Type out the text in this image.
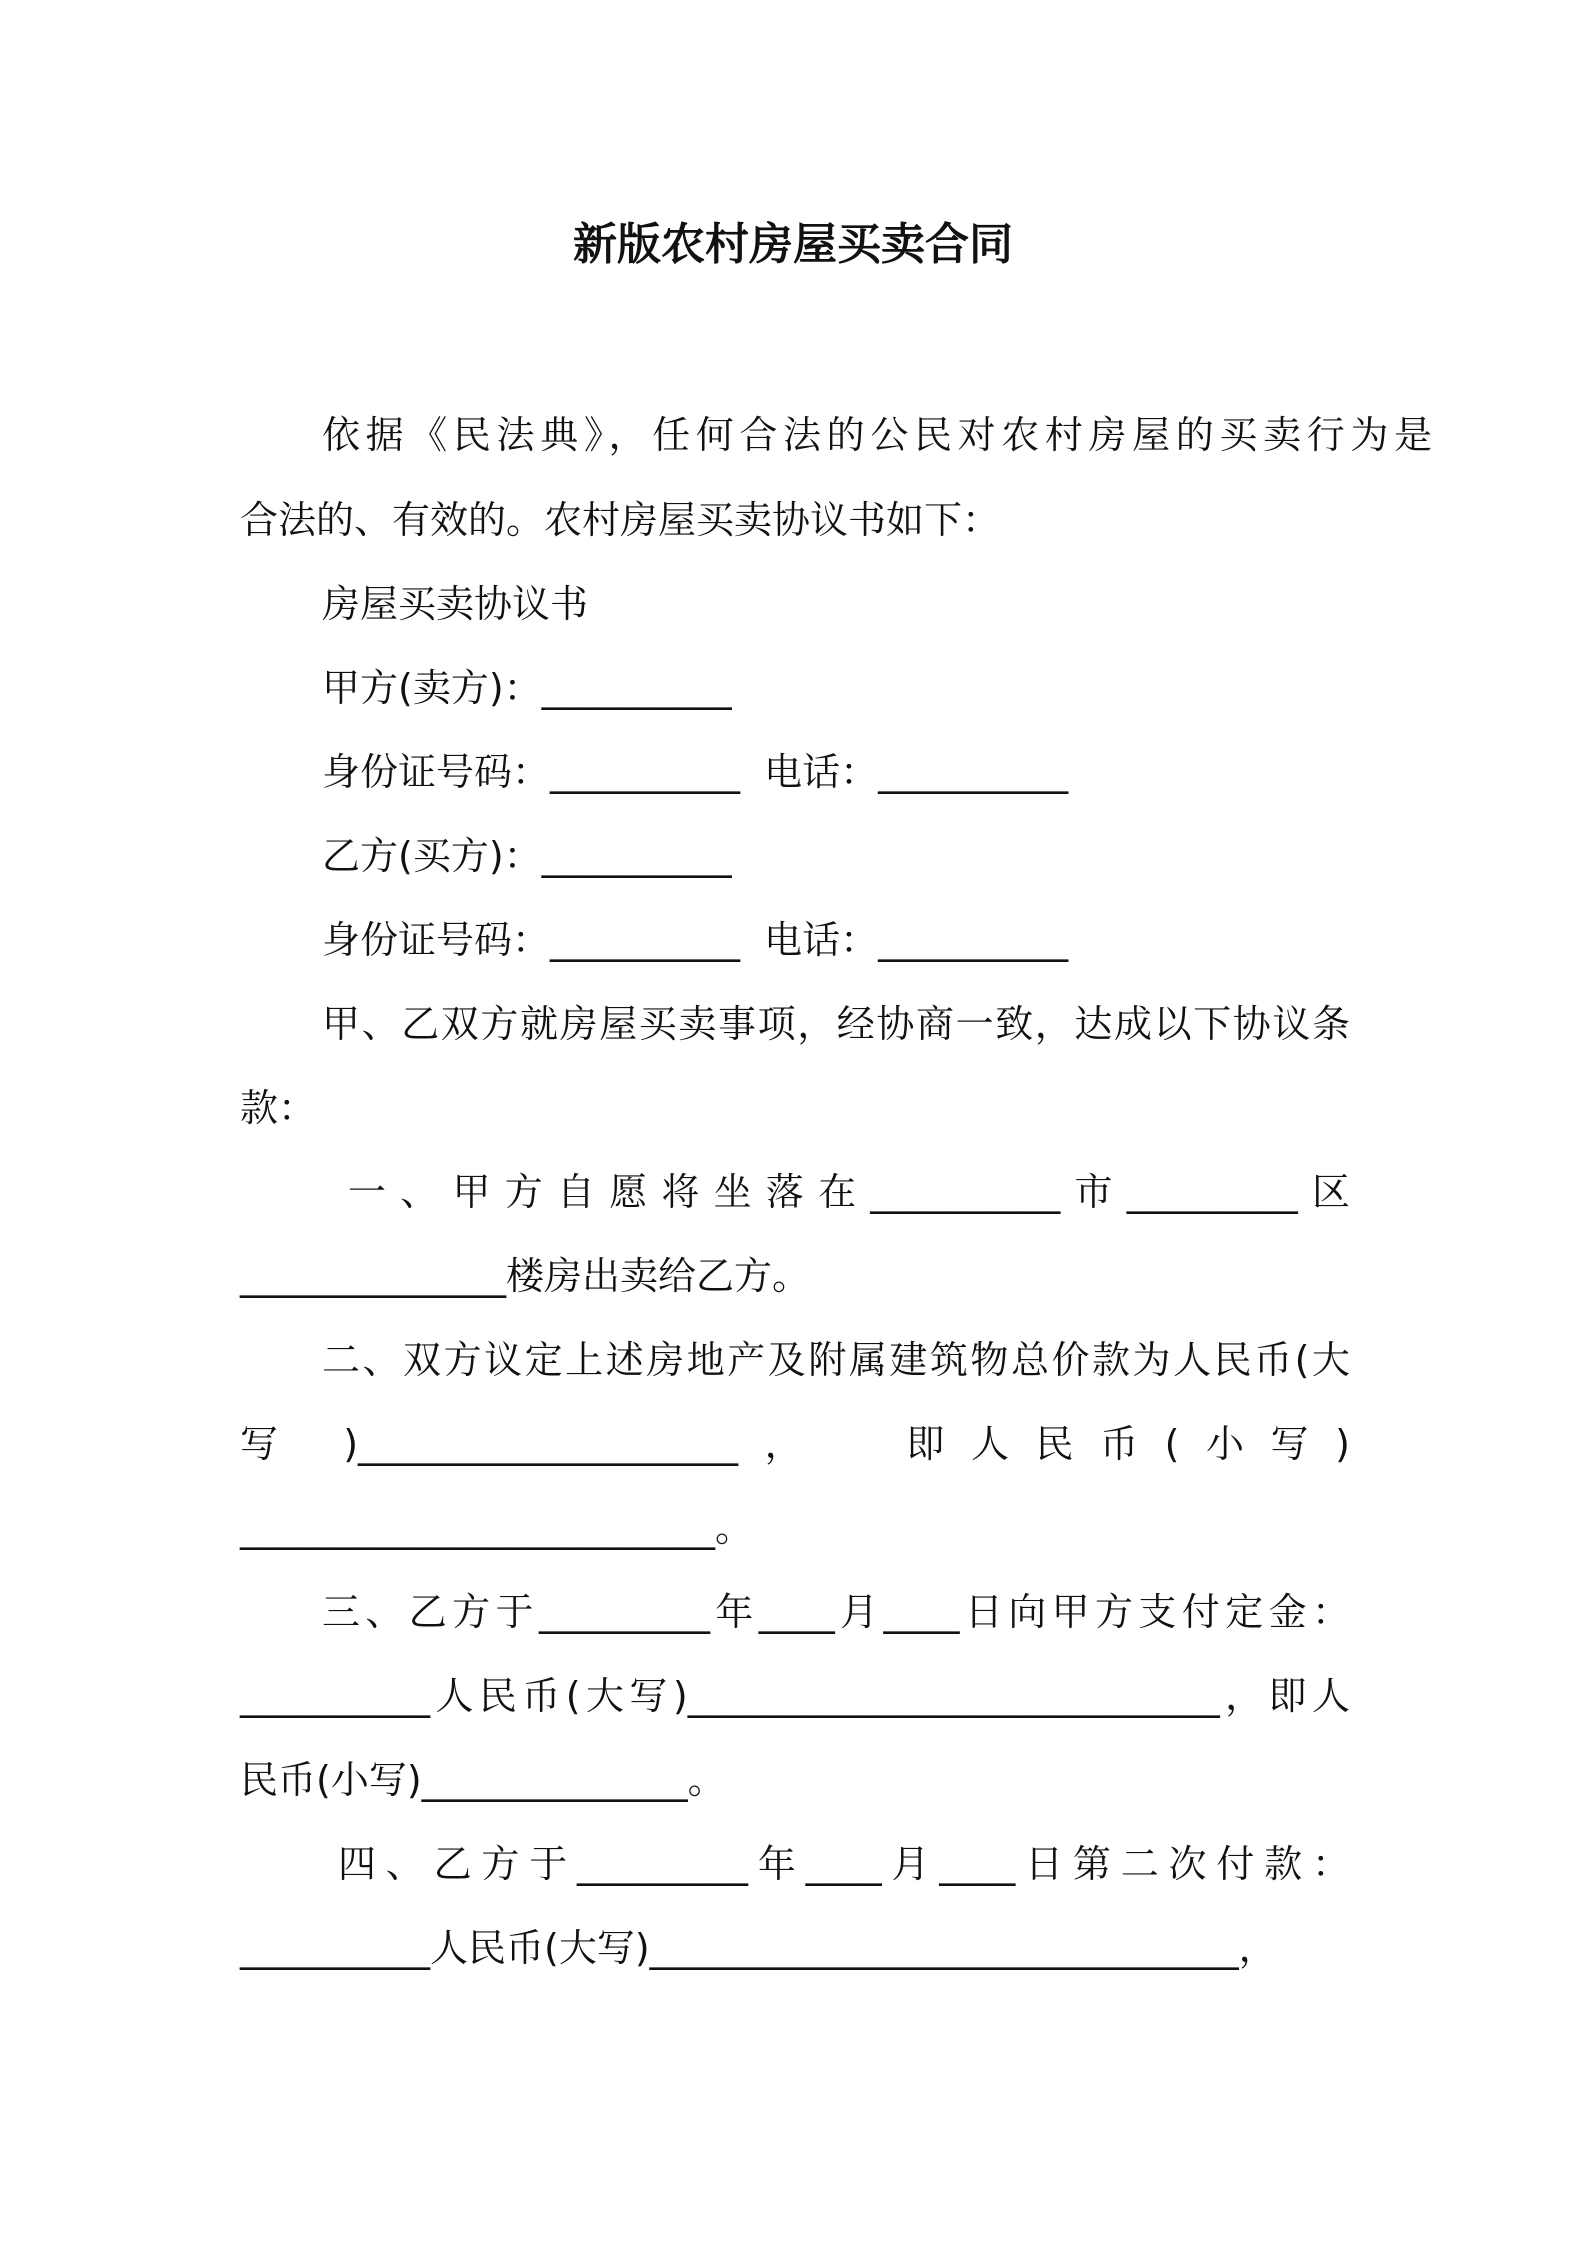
新版农村房屋买卖合同
依据《民法典》，任何合法的公民对农村房屋的买卖行为是
合法的、有效的。农村房屋买卖协议书如下：
房屋买卖协议书
甲方(卖方)：__________
身份证号码：__________  电话：__________
乙方(买方)：__________
身份证号码：__________  电话：__________
甲、乙双方就房屋买卖事项，经协商一致，达成以下协议条
款：
一、甲方自愿将坐落在__________市_________区
______________楼房出卖给乙方。
二、双方议定上述房地产及附属建筑物总价款为人民币(大
写 )____________________，  即人民币(小写)
_________________________。
三、乙方于_________年____月____日向甲方支付定金：
__________人民币(大写)____________________________，即人
民币(小写)______________。
四、乙方于_________年____月____日第二次付款：
__________人民币(大写)_______________________________，
